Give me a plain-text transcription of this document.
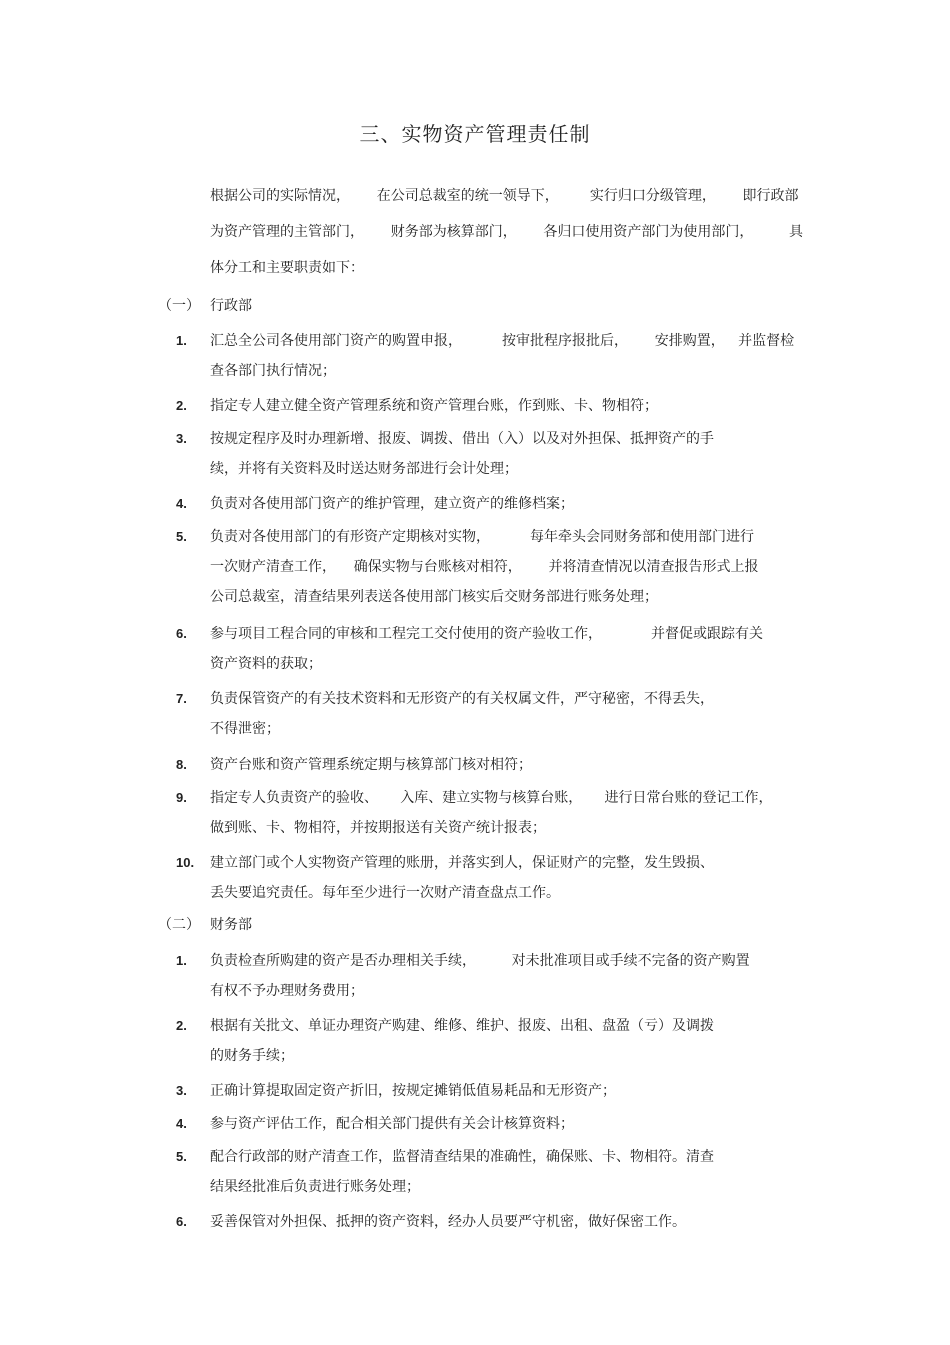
三、实物资产管理责任制
根据公司的实际情况，      在公司总裁室的统一领导下，       实行归口分级管理，      即行政部
为资产管理的主管部门，      财务部为核算部门，      各归口使用资产部门为使用部门，        具
体分工和主要职责如下：
（一） 行政部
1.	汇总全公司各使用部门资产的购置申报，         按审批程序报批后，      安排购置，   并监督检
查各部门执行情况；
2.	指定专人建立健全资产管理系统和资产管理台账，作到账、卡、物相符；
3.	按规定程序及时办理新增、报废、调拨、借出（入）以及对外担保、抵押资产的手
续，并将有关资料及时送达财务部进行会计处理；
4.	负责对各使用部门资产的维护管理，建立资产的维修档案；
5.	负责对各使用部门的有形资产定期核对实物，         每年牵头会同财务部和使用部门进行
一次财产清查工作，    确保实物与台账核对相符，      并将清查情况以清查报告形式上报
公司总裁室，清查结果列表送各使用部门核实后交财务部进行账务处理；
6.	参与项目工程合同的审核和工程完工交付使用的资产验收工作，           并督促或跟踪有关
资产资料的获取；
7.	负责保管资产的有关技术资料和无形资产的有关权属文件，严守秘密，不得丢失，
不得泄密；
8.	资产台账和资产管理系统定期与核算部门核对相符；
9.	指定专人负责资产的验收、     入库、建立实物与核算台账，     进行日常台账的登记工作，
做到账、卡、物相符，并按期报送有关资产统计报表；
10.	建立部门或个人实物资产管理的账册，并落实到人，保证财产的完整，发生毁损、
丢失要追究责任。每年至少进行一次财产清查盘点工作。
（二） 财务部
1.	负责检查所购建的资产是否办理相关手续，        对未批准项目或手续不完备的资产购置
有权不予办理财务费用；
2.	根据有关批文、单证办理资产购建、维修、维护、报废、出租、盘盈（亏）及调拨
的财务手续；
3.	正确计算提取固定资产折旧，按规定摊销低值易耗品和无形资产；
4.	参与资产评估工作，配合相关部门提供有关会计核算资料；
5.	配合行政部的财产清查工作，监督清查结果的准确性，确保账、卡、物相符。清查
结果经批准后负责进行账务处理；
6.	妥善保管对外担保、抵押的资产资料，经办人员要严守机密，做好保密工作。
